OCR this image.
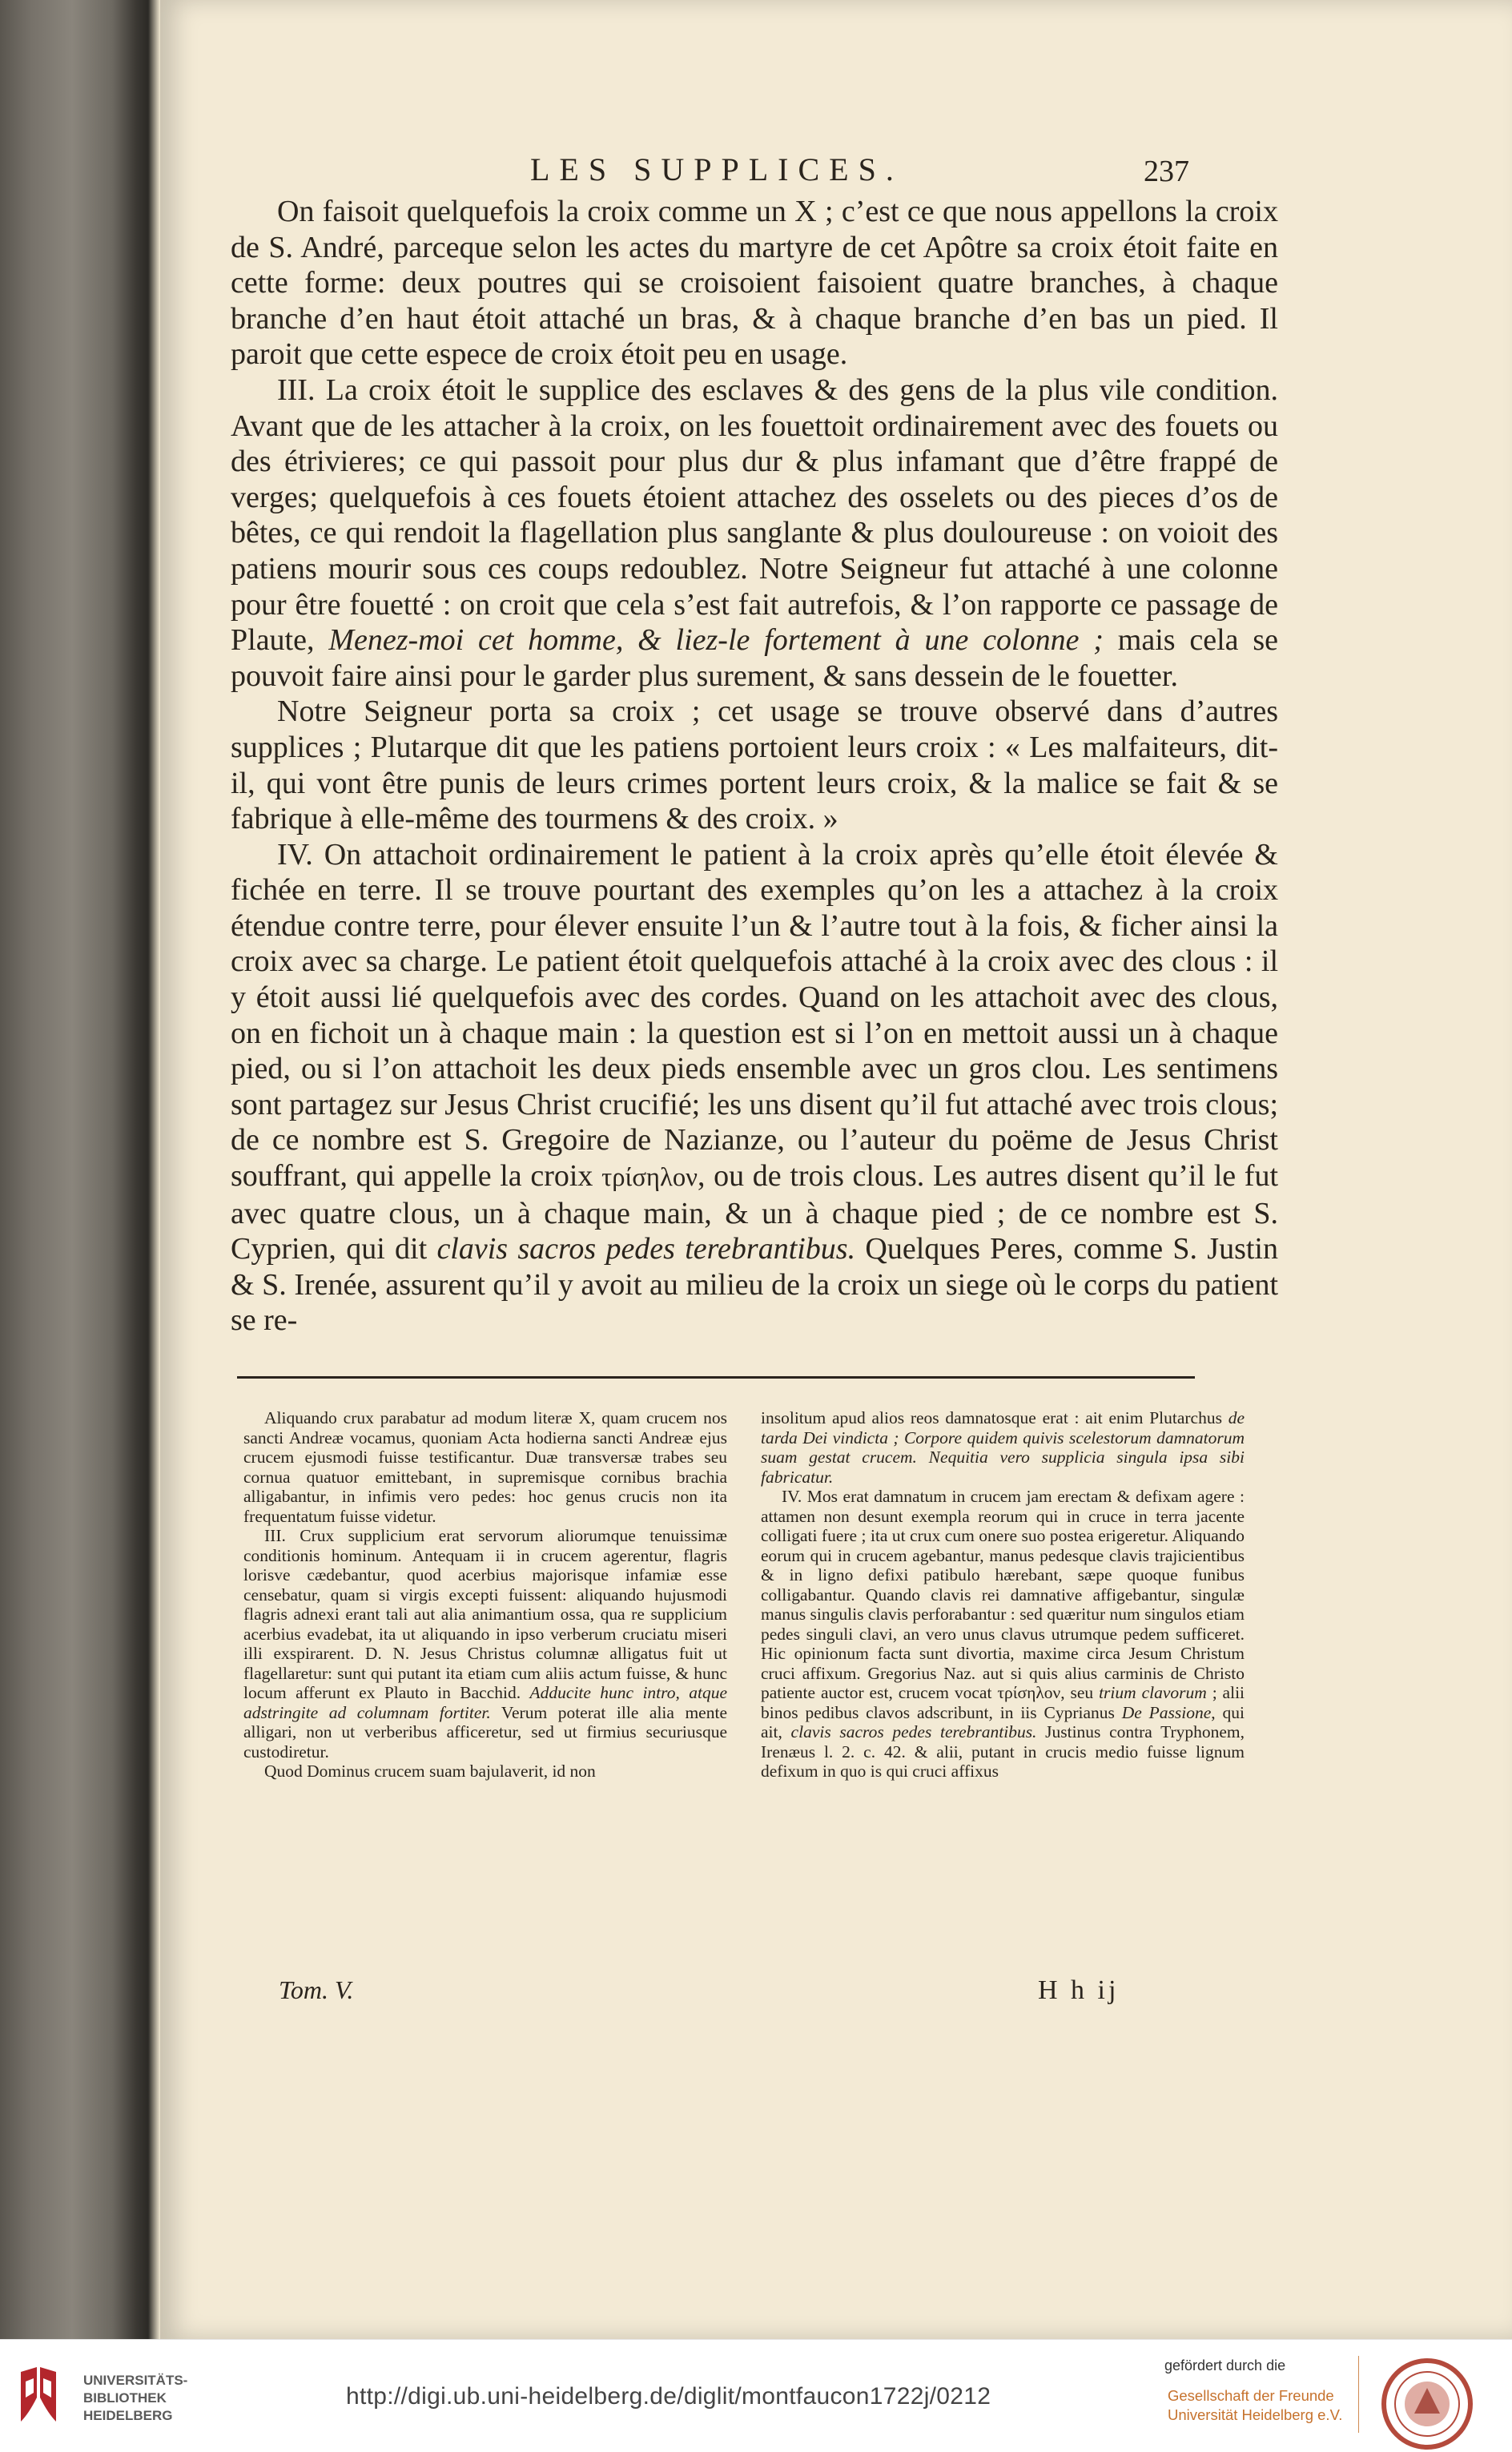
LES SUPPLICES.	237

On faisoit quelquefois la croix comme un X ; c’est ce que nous appellons la croix de S. André, parceque selon les actes du martyre de cet Apôtre sa croix étoit faite en cette forme: deux poutres qui se croisoient faisoient quatre branches, à chaque branche d’en haut étoit attaché un bras, & à chaque branche d’en bas un pied. Il paroit que cette espece de croix étoit peu en usage.

III. La croix étoit le supplice des esclaves & des gens de la plus vile condition. Avant que de les attacher à la croix, on les fouettoit ordinairement avec des fouets ou des étrivieres; ce qui passoit pour plus dur & plus infamant que d’être frappé de verges; quelquefois à ces fouets étoient attachez des osselets ou des pieces d’os de bêtes, ce qui rendoit la flagellation plus sanglante & plus douloureuse : on voioit des patiens mourir sous ces coups redoublez. Notre Seigneur fut attaché à une colonne pour être fouetté : on croit que cela s’est fait autrefois, & l’on rapporte ce passage de Plaute, Menez-moi cet homme, & liez-le fortement à une colonne ; mais cela se pouvoit faire ainsi pour le garder plus surement, & sans dessein de le fouetter.

Notre Seigneur porta sa croix ; cet usage se trouve observé dans d’autres supplices ; Plutarque dit que les patiens portoient leurs croix : « Les malfaiteurs, dit-il, qui vont être punis de leurs crimes portent leurs croix, & la malice se fait & se fabrique à elle-même des tourmens & des croix. »

IV. On attachoit ordinairement le patient à la croix après qu’elle étoit élevée & fichée en terre. Il se trouve pourtant des exemples qu’on les a attachez à la croix étendue contre terre, pour élever ensuite l’un & l’autre tout à la fois, & ficher ainsi la croix avec sa charge. Le patient étoit quelquefois attaché à la croix avec des clous : il y étoit aussi lié quelquefois avec des cordes. Quand on les attachoit avec des clous, on en fichoit un à chaque main : la question est si l’on en mettoit aussi un à chaque pied, ou si l’on attachoit les deux pieds ensemble avec un gros clou. Les sentimens sont partagez sur Jesus Christ crucifié; les uns disent qu’il fut attaché avec trois clous; de ce nombre est S. Gregoire de Nazianze, ou l’auteur du poëme de Jesus Christ souffrant, qui appelle la croix τρίσηλον, ou de trois clous. Les autres disent qu’il le fut avec quatre clous, un à chaque main, & un à chaque pied ; de ce nombre est S. Cyprien, qui dit clavis sacros pedes terebrantibus. Quelques Peres, comme S. Justin & S. Irenée, assurent qu’il y avoit au milieu de la croix un siege où le corps du patient se re-

Aliquando crux parabatur ad modum literæ X, quam crucem nos sancti Andreæ vocamus, quoniam Acta hodierna sancti Andreæ ejus crucem ejusmodi fuisse testificantur. Duæ transversæ trabes seu cornua quatuor emittebant, in supremisque cornibus brachia alligabantur, in infimis vero pedes: hoc genus crucis non ita frequentatum fuisse videtur.

III. Crux supplicium erat servorum aliorumque tenuissimæ conditionis hominum. Antequam ii in crucem agerentur, flagris lorisve cædebantur, quod acerbius majorisque infamiæ esse censebatur, quam si virgis excepti fuissent: aliquando hujusmodi flagris adnexi erant tali aut alia animantium ossa, qua re supplicium acerbius evadebat, ita ut aliquando in ipso verberum cruciatu miseri illi exspirarent. D. N. Jesus Christus columnæ alligatus fuit ut flagellaretur: sunt qui putant ita etiam cum aliis actum fuisse, & hunc locum afferunt ex Plauto in Bacchid. Adducite hunc intro, atque adstringite ad columnam fortiter. Verum poterat ille alia mente alligari, non ut verberibus afficeretur, sed ut firmius securiusque custodiretur.

Quod Dominus crucem suam bajulaverit, id non

insolitum apud alios reos damnatosque erat : ait enim Plutarchus de tarda Dei vindicta ; Corpore quidem quivis scelestorum damnatorum suam gestat crucem. Nequitia vero supplicia singula ipsa sibi fabricatur.

IV. Mos erat damnatum in crucem jam erectam & defixam agere : attamen non desunt exempla reorum qui in cruce in terra jacente colligati fuere ; ita ut crux cum onere suo postea erigeretur. Aliquando eorum qui in crucem agebantur, manus pedesque clavis trajicientibus & in ligno defixi patibulo hærebant, sæpe quoque funibus colligabantur. Quando clavis rei damnative affigebantur, singulæ manus singulis clavis perforabantur : sed quæritur num singulos etiam pedes singuli clavi, an vero unus clavus utrumque pedem sufficeret. Hic opinionum facta sunt divortia, maxime circa Jesum Christum cruci affixum. Gregorius Naz. aut si quis alius carminis de Christo patiente auctor est, crucem vocat τρίσηλον, seu trium clavorum ; alii binos pedibus clavos adscribunt, in iis Cyprianus De Passione, qui ait, clavis sacros pedes terebrantibus. Justinus contra Tryphonem, Irenæus l. 2. c. 42. & alii, putant in crucis medio fuisse lignum defixum in quo is qui cruci affixus

Tom. V.	H h ij
UNIVERSITÄTS-
BIBLIOTHEK
HEIDELBERG
http://digi.ub.uni-heidelberg.de/diglit/montfaucon1722j/0212
gefördert durch die
Gesellschaft der Freunde
Universität Heidelberg e.V.
